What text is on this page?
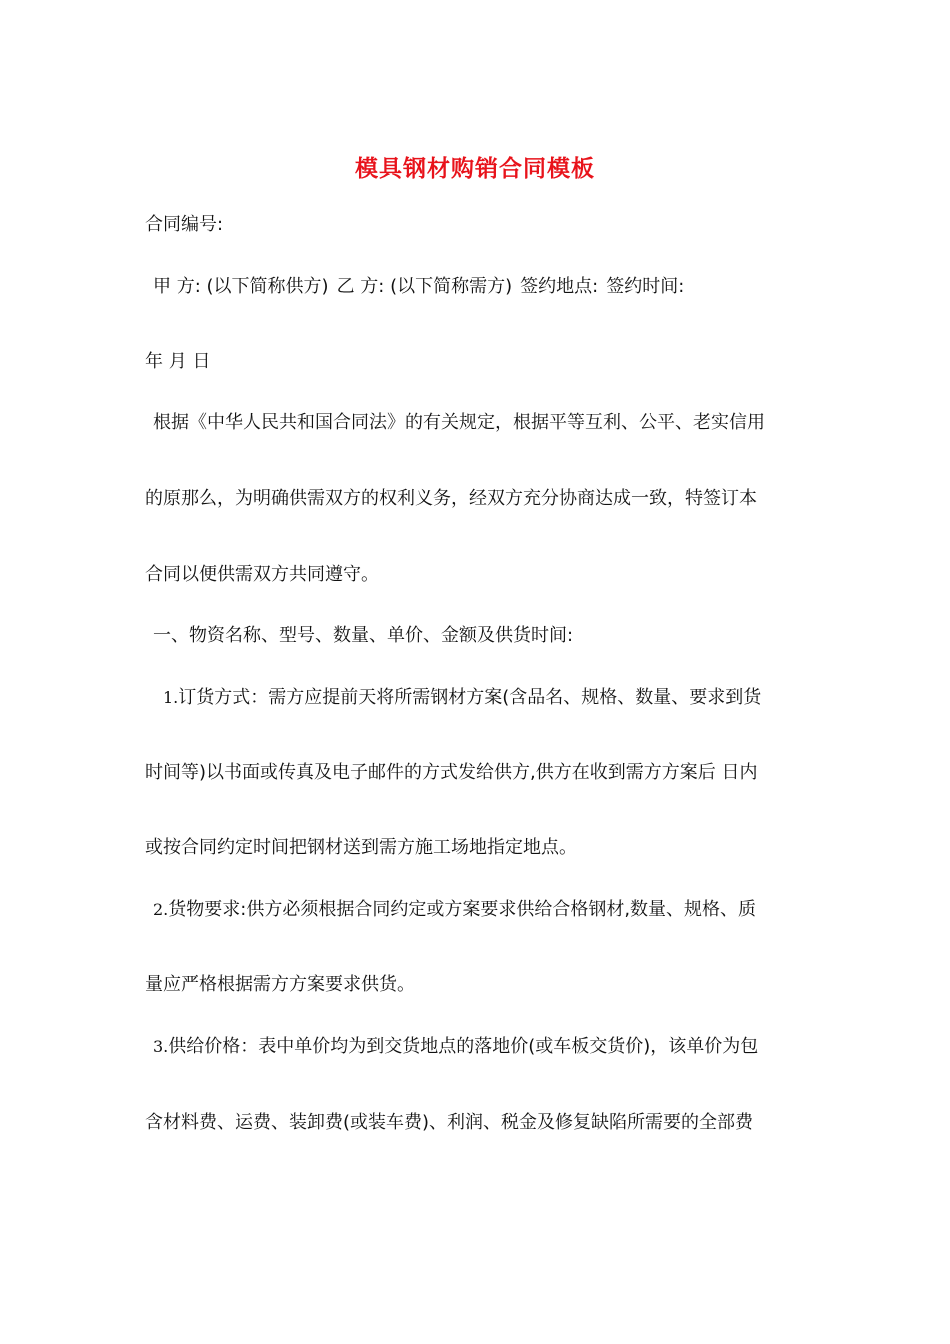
模具钢材购销合同模板
合同编号:
甲 方: (以下简称供方) 乙 方: (以下简称需方) 签约地点: 签约时间:
年 月 日
根据《中华人民共和国合同法》的有关规定，根据平等互利、公平、老实信用
的原那么，为明确供需双方的权利义务，经双方充分协商达成一致，特签订本
合同以便供需双方共同遵守。
一、物资名称、型号、数量、单价、金额及供货时间:
1.订货方式：需方应提前天将所需钢材方案(含品名、规格、数量、要求到货
时间等)以书面或传真及电子邮件的方式发给供方,供方在收到需方方案后 日内
或按合同约定时间把钢材送到需方施工场地指定地点。
2.货物要求:供方必须根据合同约定或方案要求供给合格钢材,数量、规格、质
量应严格根据需方方案要求供货。
3.供给价格：表中单价均为到交货地点的落地价(或车板交货价)，该单价为包
含材料费、运费、装卸费(或装车费)、利润、税金及修复缺陷所需要的全部费
